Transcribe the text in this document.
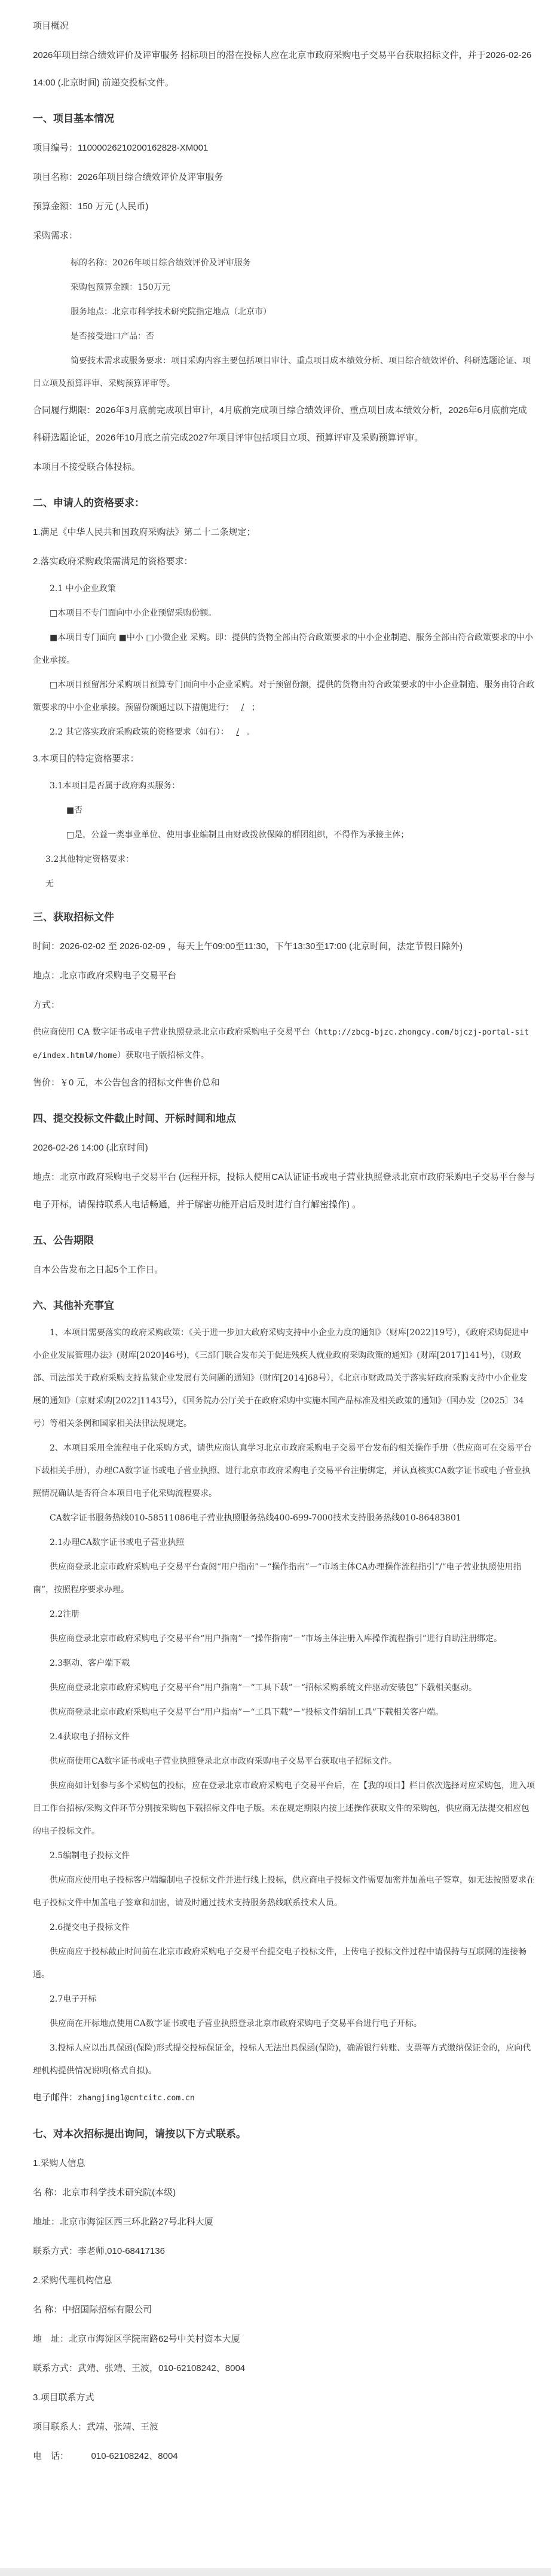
项目概况

2026年项目综合绩效评价及评审服务 招标项目的潜在投标人应在北京市政府采购电子交易平台获取招标文件，并于2026-02-26 14:00 (北京时间) 前递交投标文件。

一、项目基本情况

项目编号：11000026210200162828-XM001

项目名称：2026年项目综合绩效评价及评审服务

预算金额：150 万元 (人民币)

采购需求：

标的名称：2026年项目综合绩效评价及评审服务

采购包预算金额：150万元

服务地点：北京市科学技术研究院指定地点（北京市）

是否接受进口产品：否

简要技术需求或服务要求：项目采购内容主要包括项目审计、重点项目成本绩效分析、项目综合绩效评价、科研选题论证、项目立项及预算评审、采购预算评审等。

合同履行期限：2026年3月底前完成项目审计，4月底前完成项目综合绩效评价、重点项目成本绩效分析，2026年6月底前完成科研选题论证，2026年10月底之前完成2027年项目评审包括项目立项、预算评审及采购预算评审。

本项目不接受联合体投标。

二、申请人的资格要求：

1.满足《中华人民共和国政府采购法》第二十二条规定；

2.落实政府采购政策需满足的资格要求：

2.1 中小企业政策

□本项目不专门面向中小企业预留采购份额。

■本项目专门面向 ■中小 □小微企业 采购。即：提供的货物全部由符合政策要求的中小企业制造、服务全部由符合政策要求的中小企业承接。

□本项目预留部分采购项目预算专门面向中小企业采购。对于预留份额，提供的货物由符合政策要求的中小企业制造、服务由符合政策要求的中小企业承接。预留份额通过以下措施进行： / ；

2.2 其它落实政府采购政策的资格要求（如有）： / 。

3.本项目的特定资格要求：

3.1本项目是否属于政府购买服务：

■否

□是，公益一类事业单位、使用事业编制且由财政拨款保障的群团组织，不得作为承接主体；

3.2其他特定资格要求：

无

三、获取招标文件

时间：2026-02-02 至 2026-02-09 ，每天上午09:00至11:30，下午13:30至17:00 (北京时间，法定节假日除外)

地点：北京市政府采购电子交易平台

方式：

供应商使用 CA 数字证书或电子营业执照登录北京市政府采购电子交易平台（http://zbcg-bjzc.zhongcy.com/bjczj-portal-site/index.html#/home）获取电子版招标文件。

售价：￥0 元，本公告包含的招标文件售价总和

四、提交投标文件截止时间、开标时间和地点

2026-02-26 14:00 (北京时间)

地点：北京市政府采购电子交易平台 (远程开标，投标人使用CA认证证书或电子营业执照登录北京市政府采购电子交易平台参与电子开标，请保持联系人电话畅通，并于解密功能开启后及时进行自行解密操作) 。

五、公告期限

自本公告发布之日起5个工作日。

六、其他补充事宜

1、本项目需要落实的政府采购政策：《关于进一步加大政府采购支持中小企业力度的通知》（财库[2022]19号），《政府采购促进中小企业发展管理办法》(财库[2020]46号)，《三部门联合发布关于促进残疾人就业政府采购政策的通知》(财库[2017]141号)，《财政部、司法部关于政府采购支持监狱企业发展有关问题的通知》（财库[2014]68号），《北京市财政局关于落实好政府采购支持中小企业发展的通知》（京财采购[2022]1143号），《国务院办公厅关于在政府采购中实施本国产品标准及相关政策的通知》（国办发〔2025〕34号）等相关条例和国家相关法律法规规定。

2、本项目采用全流程电子化采购方式，请供应商认真学习北京市政府采购电子交易平台发布的相关操作手册（供应商可在交易平台下载相关手册），办理CA数字证书或电子营业执照、进行北京市政府采购电子交易平台注册绑定，并认真核实CA数字证书或电子营业执照情况确认是否符合本项目电子化采购流程要求。

CA数字证书服务热线010-58511086电子营业执照服务热线400-699-7000技术支持服务热线010-86483801

2.1办理CA数字证书或电子营业执照

供应商登录北京市政府采购电子交易平台查阅“用户指南”－“操作指南”－“市场主体CA办理操作流程指引”/“电子营业执照使用指南”，按照程序要求办理。

2.2注册

供应商登录北京市政府采购电子交易平台“用户指南”－“操作指南”－“市场主体注册入库操作流程指引”进行自助注册绑定。

2.3驱动、客户端下载

供应商登录北京市政府采购电子交易平台“用户指南”－“工具下载”－“招标采购系统文件驱动安装包”下载相关驱动。

供应商登录北京市政府采购电子交易平台“用户指南”－“工具下载”－“投标文件编制工具”下载相关客户端。

2.4获取电子招标文件

供应商使用CA数字证书或电子营业执照登录北京市政府采购电子交易平台获取电子招标文件。

供应商如计划参与多个采购包的投标，应在登录北京市政府采购电子交易平台后，在【我的项目】栏目依次选择对应采购包，进入项目工作台招标/采购文件环节分别按采购包下载招标文件电子版。未在规定期限内按上述操作获取文件的采购包，供应商无法提交相应包的电子投标文件。

2.5编制电子投标文件

供应商应使用电子投标客户端编制电子投标文件并进行线上投标，供应商电子投标文件需要加密并加盖电子签章，如无法按照要求在电子投标文件中加盖电子签章和加密，请及时通过技术支持服务热线联系技术人员。

2.6提交电子投标文件

供应商应于投标截止时间前在北京市政府采购电子交易平台提交电子投标文件，上传电子投标文件过程中请保持与互联网的连接畅通。

2.7电子开标

供应商在开标地点使用CA数字证书或电子营业执照登录北京市政府采购电子交易平台进行电子开标。

3.投标人应以出具保函(保险)形式提交投标保证金，投标人无法出具保函(保险)，确需银行转账、支票等方式缴纳保证金的，应向代理机构提供情况说明(格式自拟)。

电子邮件：zhangjing1@cntcitc.com.cn

七、对本次招标提出询问，请按以下方式联系。

1.采购人信息

名 称：北京市科学技术研究院(本级)

地址：北京市海淀区西三环北路27号北科大厦

联系方式：李老师,010-68417136

2.采购代理机构信息

名 称：中招国际招标有限公司

地　址：北京市海淀区学院南路62号中关村资本大厦

联系方式：武靖、张靖、王波，010-62108242、8004

3.项目联系方式

项目联系人：武靖、张靖、王波

电　话：	010-62108242、8004
